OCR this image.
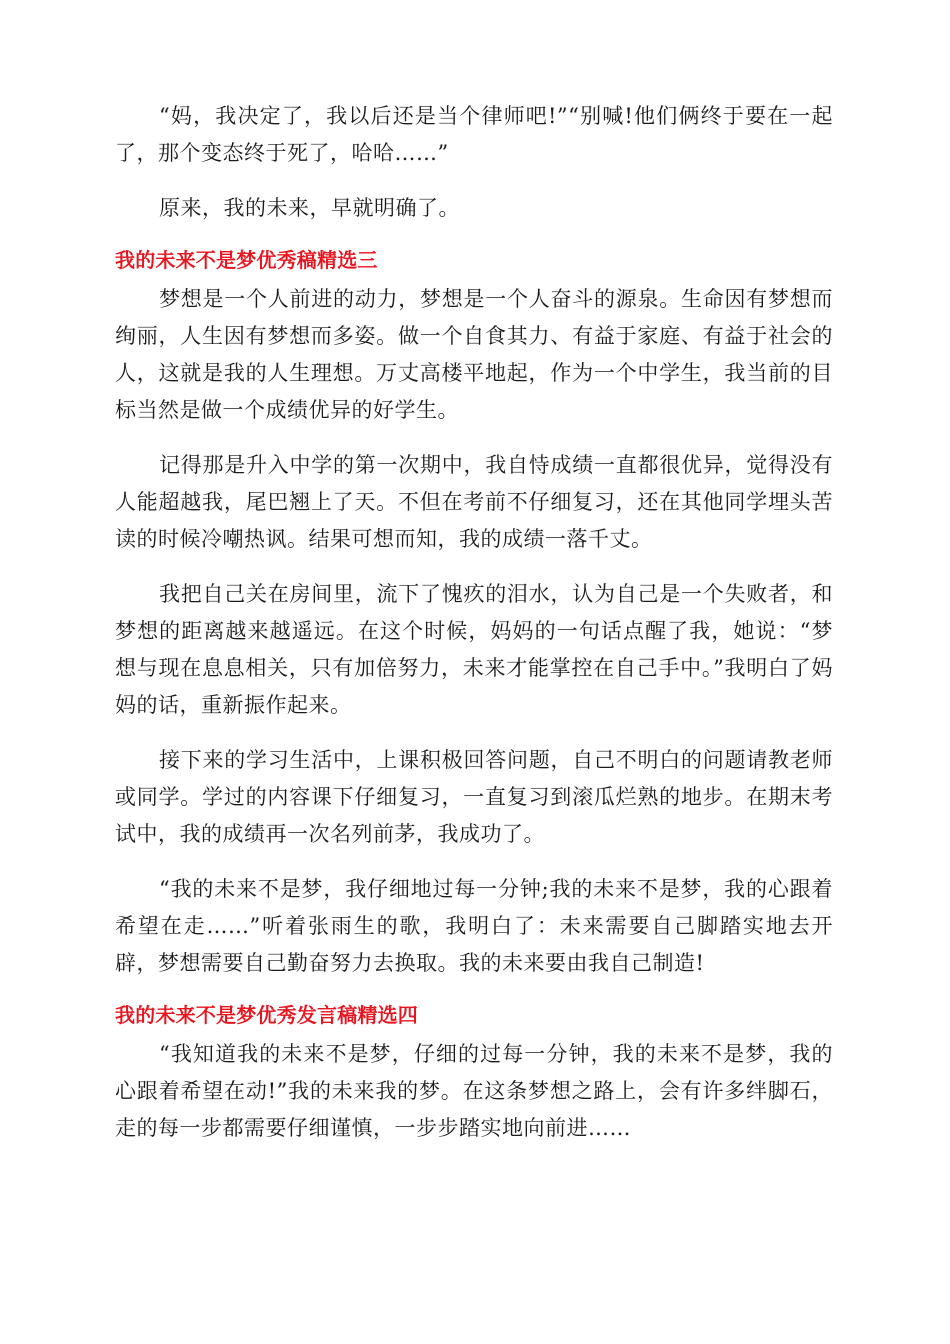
“妈，我决定了，我以后还是当个律师吧!”“别喊!他们俩终于要在一起了，那个变态终于死了，哈哈……”

原来，我的未来，早就明确了。

我的未来不是梦优秀稿精选三

梦想是一个人前进的动力，梦想是一个人奋斗的源泉。生命因有梦想而绚丽，人生因有梦想而多姿。做一个自食其力、有益于家庭、有益于社会的人，这就是我的人生理想。万丈高楼平地起，作为一个中学生，我当前的目标当然是做一个成绩优异的好学生。

记得那是升入中学的第一次期中，我自恃成绩一直都很优异，觉得没有人能超越我，尾巴翘上了天。不但在考前不仔细复习，还在其他同学埋头苦读的时候冷嘲热讽。结果可想而知，我的成绩一落千丈。

我把自己关在房间里，流下了愧疚的泪水，认为自己是一个失败者，和梦想的距离越来越遥远。在这个时候，妈妈的一句话点醒了我，她说：“梦想与现在息息相关，只有加倍努力，未来才能掌控在自己手中。”我明白了妈妈的话，重新振作起来。

接下来的学习生活中，上课积极回答问题，自己不明白的问题请教老师或同学。学过的内容课下仔细复习，一直复习到滚瓜烂熟的地步。在期末考试中，我的成绩再一次名列前茅，我成功了。

“我的未来不是梦，我仔细地过每一分钟;我的未来不是梦，我的心跟着希望在走……”听着张雨生的歌，我明白了：未来需要自己脚踏实地去开辟，梦想需要自己勤奋努力去换取。我的未来要由我自己制造!

我的未来不是梦优秀发言稿精选四

“我知道我的未来不是梦，仔细的过每一分钟，我的未来不是梦，我的心跟着希望在动!”我的未来我的梦。在这条梦想之路上，会有许多绊脚石，走的每一步都需要仔细谨慎，一步步踏实地向前进……
